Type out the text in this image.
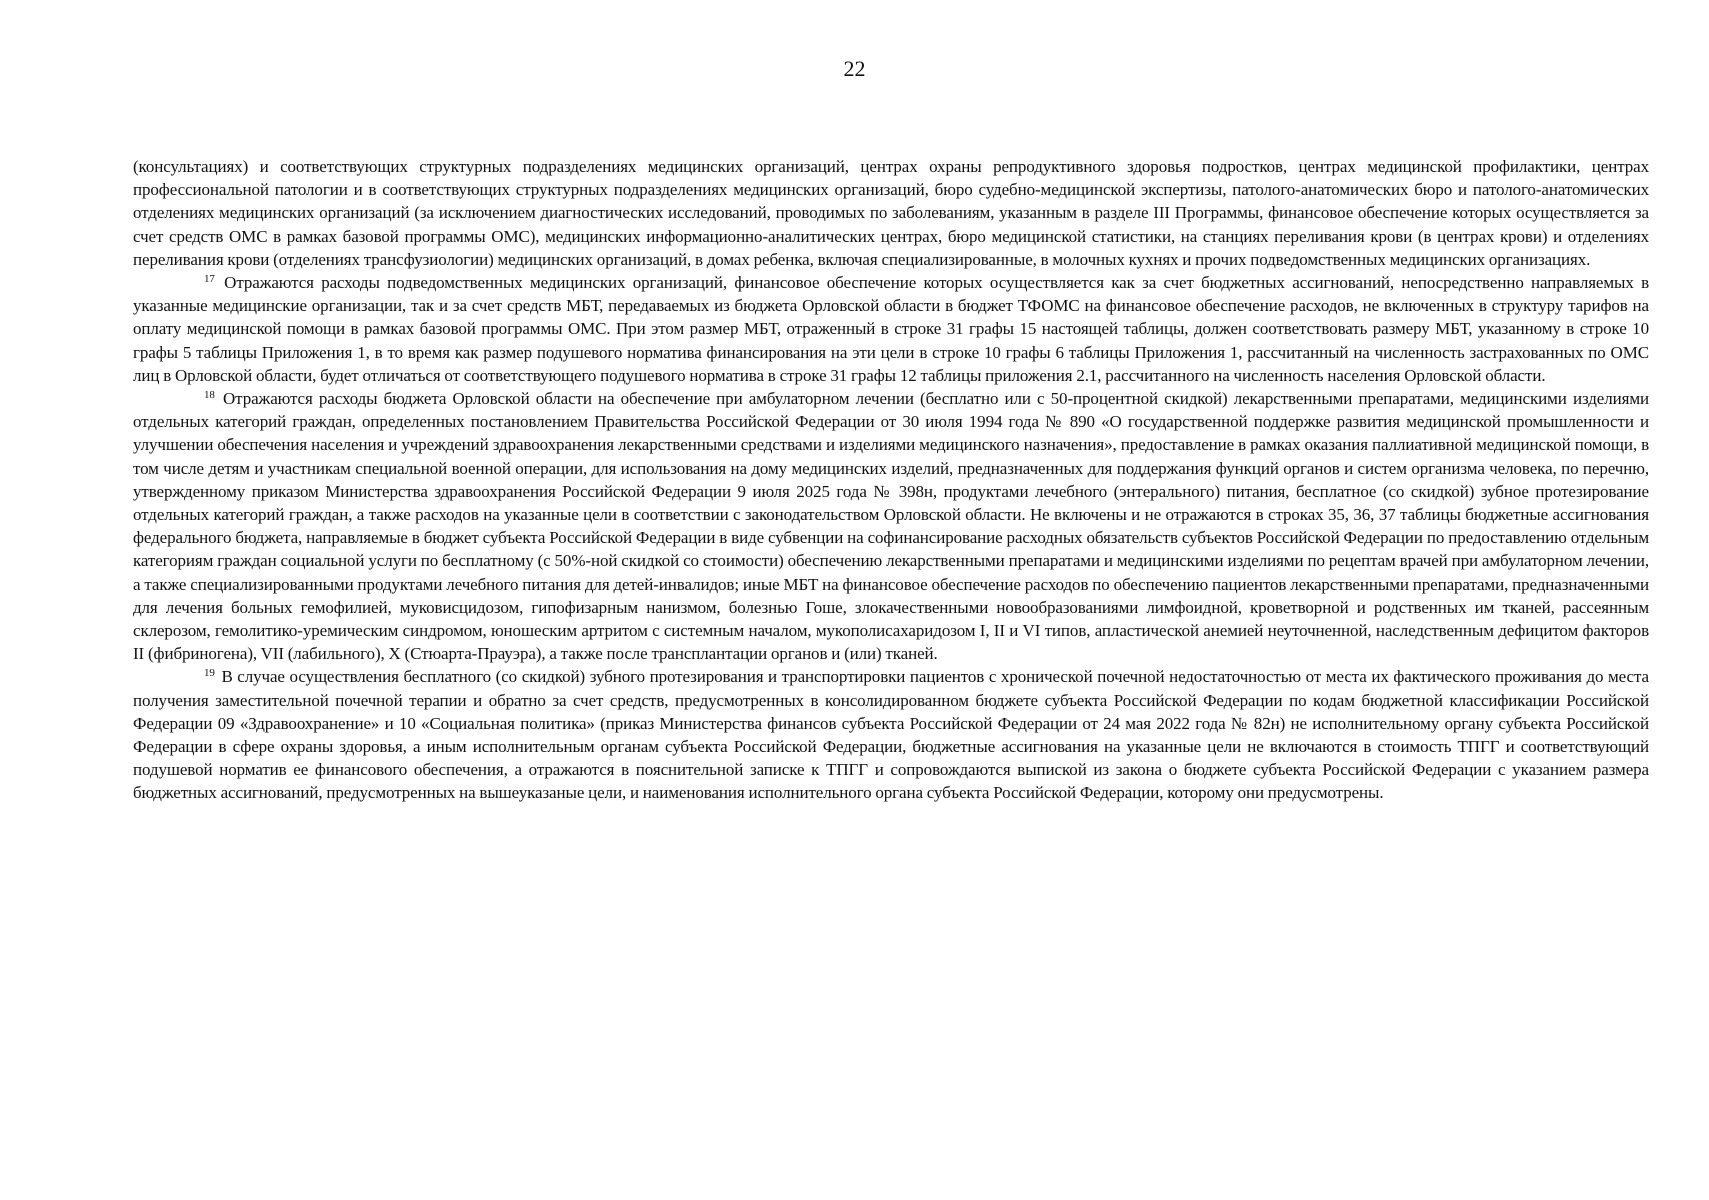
22

(консультациях) и соответствующих структурных подразделениях медицинских организаций, центрах охраны репродуктивного здоровья подростков, центрах медицинской профилактики, центрах профессиональной патологии и в соответствующих структурных подразделениях медицинских организаций, бюро судебно-медицинской экспертизы, патолого-анатомических бюро и патолого-анатомических отделениях медицинских организаций (за исключением диагностических исследований, проводимых по заболеваниям, указанным в разделе III Программы, финансовое обеспечение которых осуществляется за счет средств ОМС в рамках базовой программы ОМС), медицинских информационно-аналитических центрах, бюро медицинской статистики, на станциях переливания крови (в центрах крови) и отделениях переливания крови (отделениях трансфузиологии) медицинских организаций, в домах ребенка, включая специализированные, в молочных кухнях и прочих подведомственных медицинских организациях.

$^{17}$ Отражаются расходы подведомственных медицинских организаций, финансовое обеспечение которых осуществляется как за счет бюджетных ассигнований, непосредственно направляемых в указанные медицинские организации, так и за счет средств МБТ, передаваемых из бюджета Орловской области в бюджет ТФОМС на финансовое обеспечение расходов, не включенных в структуру тарифов на оплату медицинской помощи в рамках базовой программы ОМС. При этом размер МБТ, отраженный в строке 31 графы 15 настоящей таблицы, должен соответствовать размеру МБТ, указанному в строке 10 графы 5 таблицы Приложения 1, в то время как размер подушевого норматива финансирования на эти цели в строке 10 графы 6 таблицы Приложения 1, рассчитанный на численность застрахованных по ОМС лиц в Орловской области, будет отличаться от соответствующего подушевого норматива в строке 31 графы 12 таблицы приложения 2.1, рассчитанного на численность населения Орловской области.

$^{18}$ Отражаются расходы бюджета Орловской области на обеспечение при амбулаторном лечении (бесплатно или с 50-процентной скидкой) лекарственными препаратами, медицинскими изделиями отдельных категорий граждан, определенных постановлением Правительства Российской Федерации от 30 июля 1994 года № 890 «О государственной поддержке развития медицинской промышленности и улучшении обеспечения населения и учреждений здравоохранения лекарственными средствами и изделиями медицинского назначения», предоставление в рамках оказания паллиативной медицинской помощи, в том числе детям и участникам специальной военной операции, для использования на дому медицинских изделий, предназначенных для поддержания функций органов и систем организма человека, по перечню, утвержденному приказом Министерства здравоохранения Российской Федерации 9 июля 2025 года № 398н, продуктами лечебного (энтерального) питания, бесплатное (со скидкой) зубное протезирование отдельных категорий граждан, а также расходов на указанные цели в соответствии с законодательством Орловской области. Не включены и не отражаются в строках 35, 36, 37 таблицы бюджетные ассигнования федерального бюджета, направляемые в бюджет субъекта Российской Федерации в виде субвенции на софинансирование расходных обязательств субъектов Российской Федерации по предоставлению отдельным категориям граждан социальной услуги по бесплатному (с 50%-ной скидкой со стоимости) обеспечению лекарственными препаратами и медицинскими изделиями по рецептам врачей при амбулаторном лечении, а также специализированными продуктами лечебного питания для детей-инвалидов; иные МБТ на финансовое обеспечение расходов по обеспечению пациентов лекарственными препаратами, предназначенными для лечения больных гемофилией, муковисцидозом, гипофизарным нанизмом, болезнью Гоше, злокачественными новообразованиями лимфоидной, кроветворной и родственных им тканей, рассеянным склерозом, гемолитико-уремическим синдромом, юношеским артритом с системным началом, мукополисахаридозом I, II и VI типов, апластической анемией неуточненной, наследственным дефицитом факторов II (фибриногена), VII (лабильного), X (Стюарта-Прауэра), а также после трансплантации органов и (или) тканей.

$^{19}$ В случае осуществления бесплатного (со скидкой) зубного протезирования и транспортировки пациентов с хронической почечной недостаточностью от места их фактического проживания до места получения заместительной почечной терапии и обратно за счет средств, предусмотренных в консолидированном бюджете субъекта Российской Федерации по кодам бюджетной классификации Российской Федерации 09 «Здравоохранение» и 10 «Социальная политика» (приказ Министерства финансов субъекта Российской Федерации от 24 мая 2022 года № 82н) не исполнительному органу субъекта Российской Федерации в сфере охраны здоровья, а иным исполнительным органам субъекта Российской Федерации, бюджетные ассигнования на указанные цели не включаются в стоимость ТПГГ и соответствующий подушевой норматив ее финансового обеспечения, а отражаются в пояснительной записке к ТПГГ и сопровождаются выпиской из закона о бюджете субъекта Российской Федерации с указанием размера бюджетных ассигнований, предусмотренных на вышеуказаные цели, и наименования исполнительного органа субъекта Российской Федерации, которому они предусмотрены.
